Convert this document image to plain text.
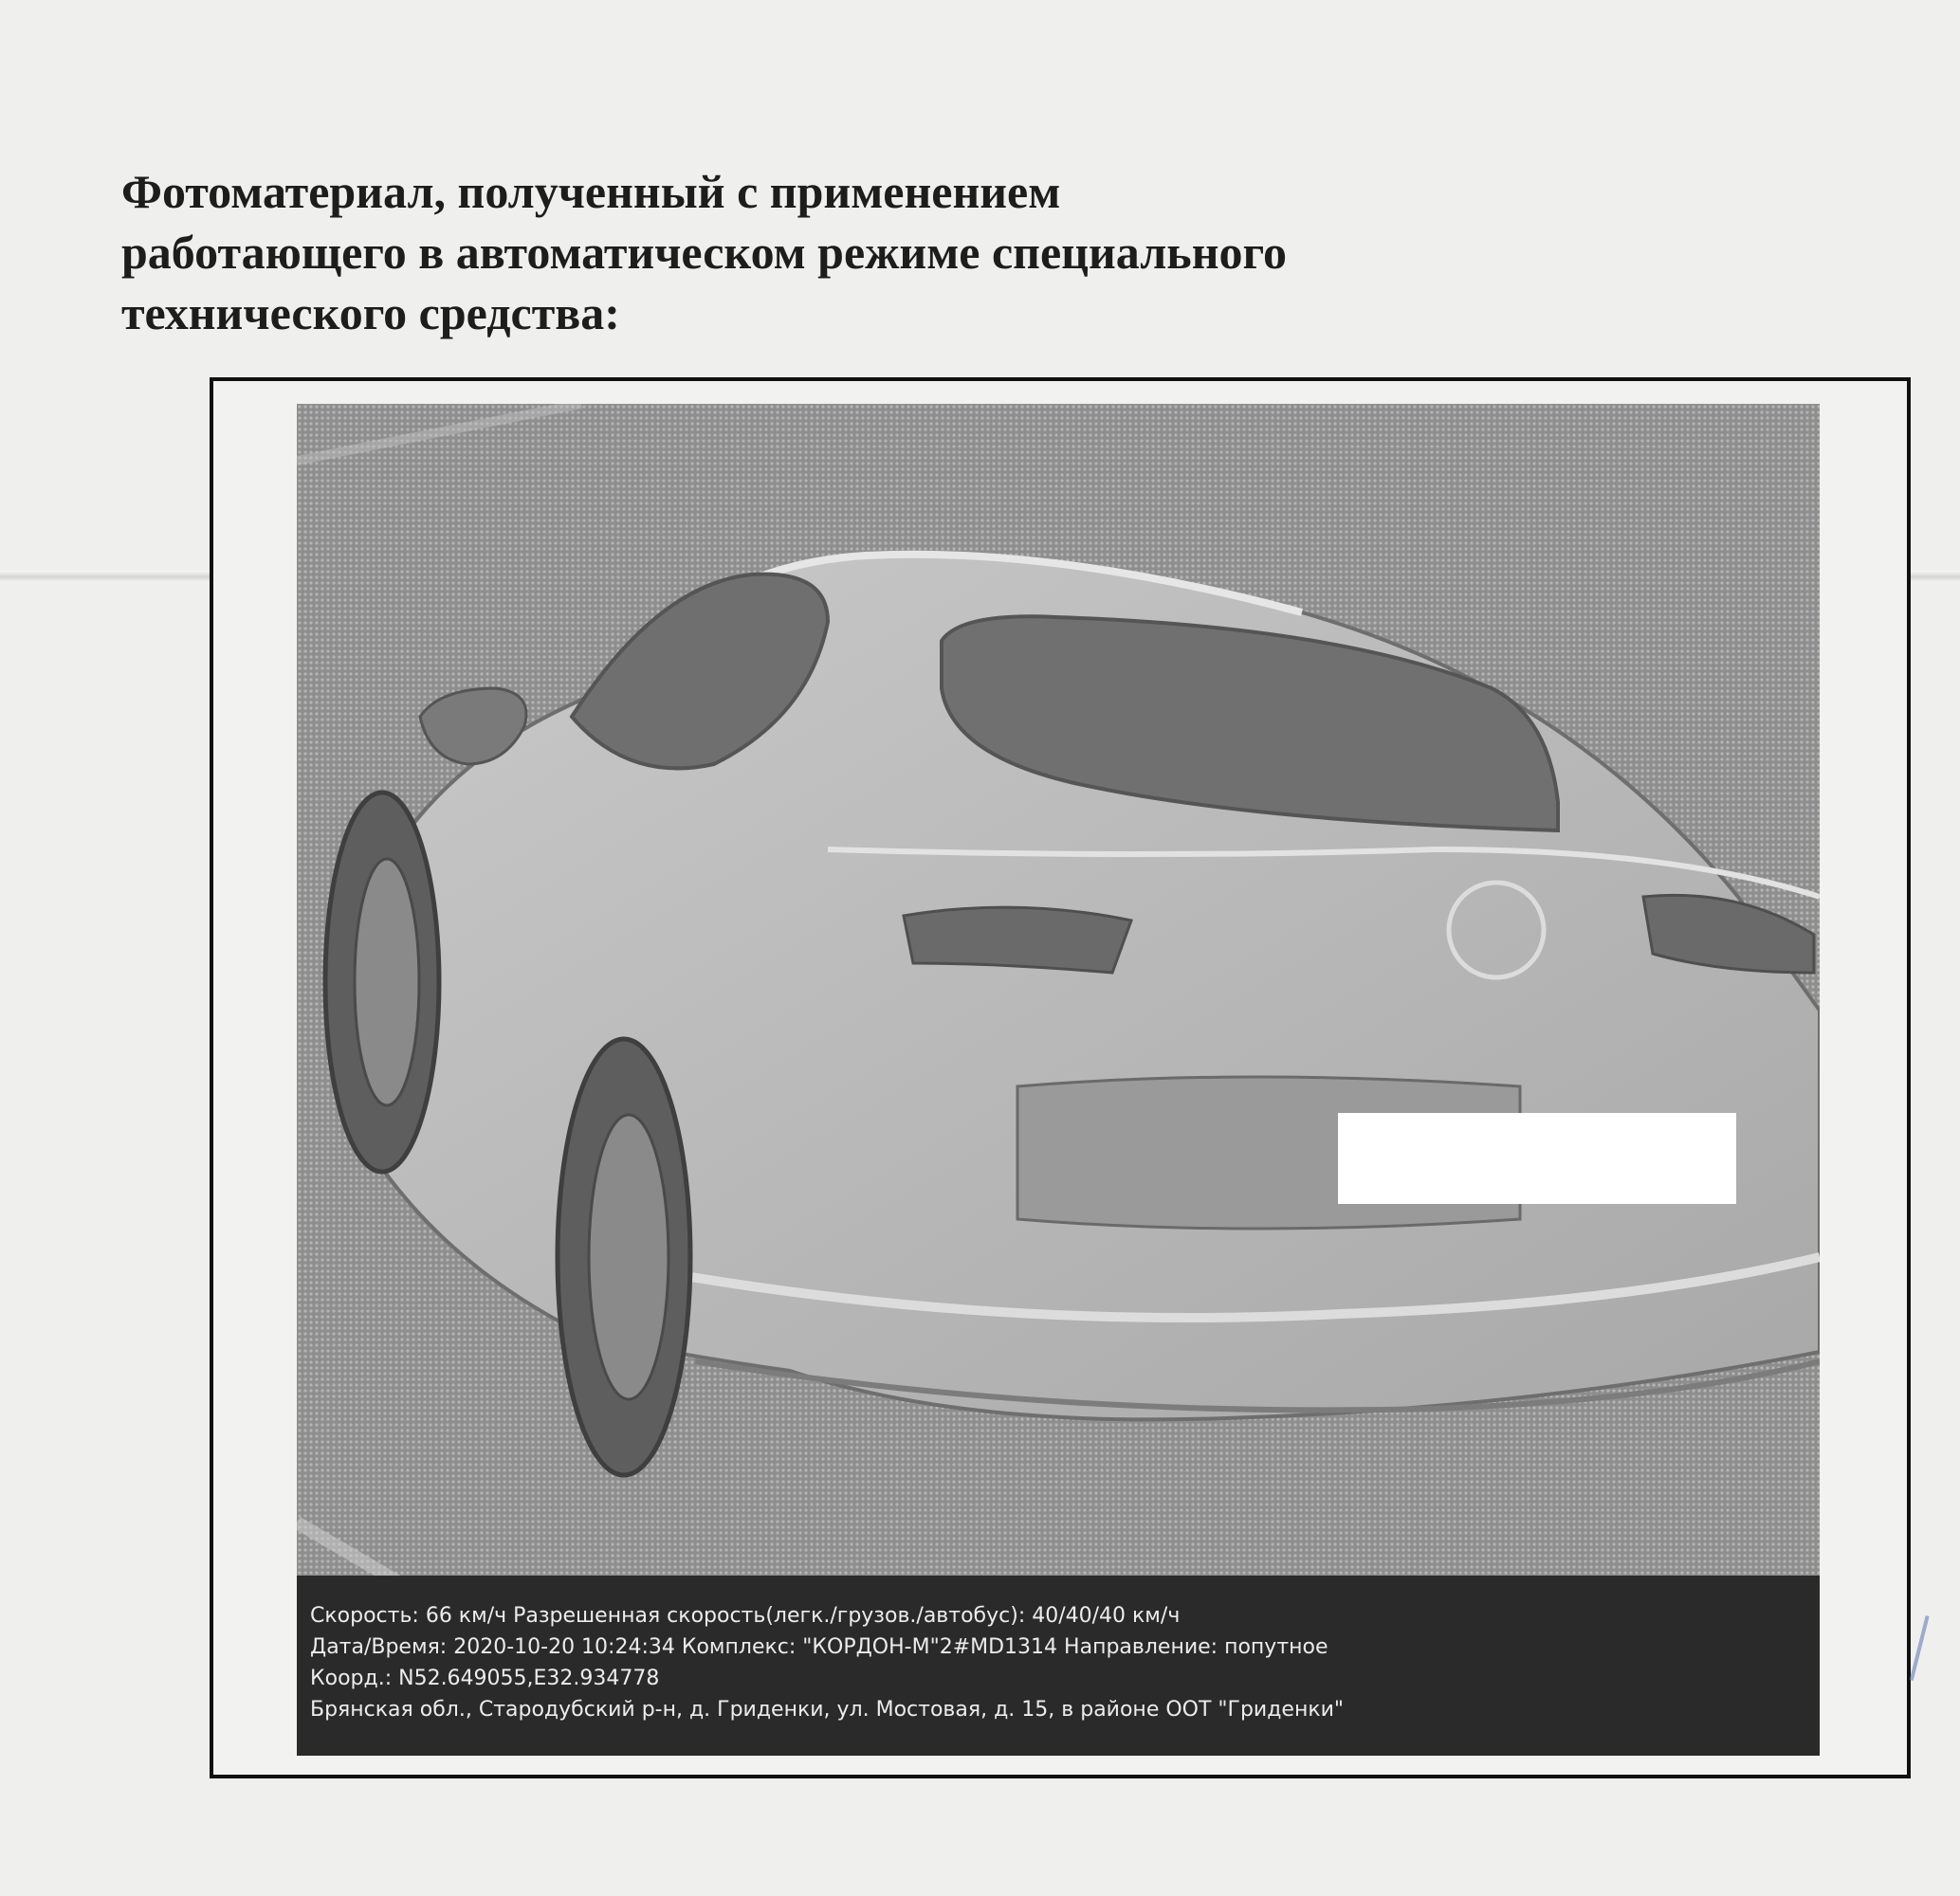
Фотоматериал, полученный с применением
работающего в автоматическом режиме специального
технического средства:
Скорость: 66 км/ч Разрешенная скорость(легк./грузов./автобус): 40/40/40 км/ч
Дата/Время: 2020-10-20 10:24:34 Комплекс: "КОРДОН-М"2#MD1314 Направление: попутное
Коорд.: N52.649055,E32.934778
Брянская обл., Стародубский р-н, д. Гриденки, ул. Мостовая, д. 15, в районе ООТ "Гриденки"
